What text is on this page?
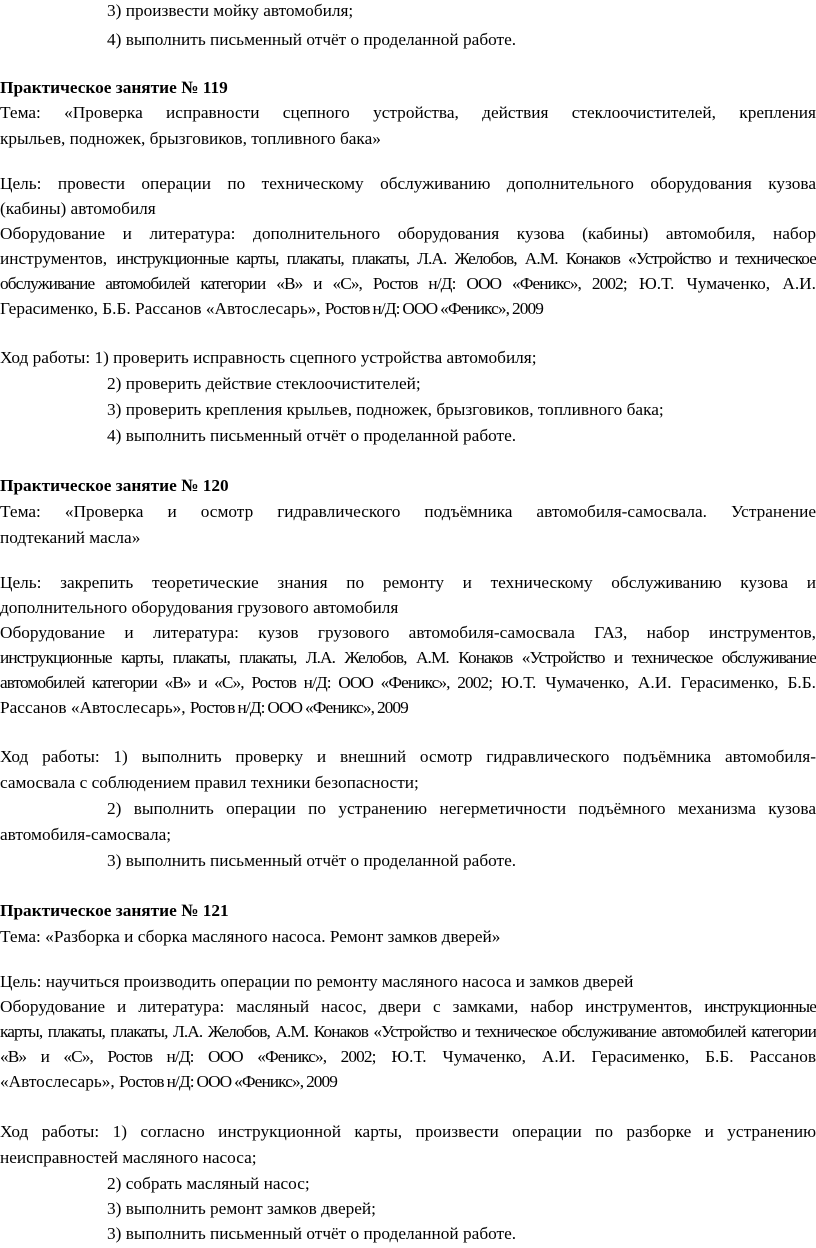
3) произвести мойку автомобиля;
4) выполнить письменный отчёт о проделанной работе.
Практическое занятие № 119
Тема: «Проверка исправности сцепного устройства, действия стеклоочистителей, крепления
крыльев, подножек, брызговиков, топливного бака»
Цель: провести операции по техническому обслуживанию дополнительного оборудования кузова
(кабины) автомобиля
Оборудование и литература: дополнительного оборудования кузова (кабины) автомобиля, набор
инструментов, инструкционные карты, плакаты, плакаты, Л.А. Желобов, А.М. Конаков «Устройство и техническое
обслуживание автомобилей категории «В» и «С», Ростов н/Д: ООО «Феникс», 2002; Ю.Т. Чумаченко, А.И.
Герасименко, Б.Б. Рассанов «Автослесарь», Ростов н/Д: ООО «Феникс», 2009
Ход работы: 1) проверить исправность сцепного устройства автомобиля;
2) проверить действие стеклоочистителей;
3) проверить крепления крыльев, подножек, брызговиков, топливного бака;
4) выполнить письменный отчёт о проделанной работе.
Практическое занятие № 120
Тема: «Проверка и осмотр гидравлического подъёмника автомобиля-самосвала. Устранение
подтеканий масла»
Цель: закрепить теоретические знания по ремонту и техническому обслуживанию кузова и
дополнительного оборудования грузового автомобиля
Оборудование и литература: кузов грузового автомобиля-самосвала ГАЗ, набор инструментов,
инструкционные карты, плакаты, плакаты, Л.А. Желобов, А.М. Конаков «Устройство и техническое обслуживание
автомобилей категории «В» и «С», Ростов н/Д: ООО «Феникс», 2002; Ю.Т. Чумаченко, А.И. Герасименко, Б.Б.
Рассанов «Автослесарь», Ростов н/Д: ООО «Феникс», 2009
Ход работы: 1) выполнить проверку и внешний осмотр гидравлического подъёмника автомобиля-
самосвала с соблюдением правил техники безопасности;
2) выполнить операции по устранению негерметичности подъёмного механизма кузова
автомобиля-самосвала;
3) выполнить письменный отчёт о проделанной работе.
Практическое занятие № 121
Тема: «Разборка и сборка масляного насоса. Ремонт замков дверей»
Цель: научиться производить операции по ремонту масляного насоса и замков дверей
Оборудование и литература: масляный насос, двери с замками, набор инструментов, инструкционные
карты, плакаты, плакаты, Л.А. Желобов, А.М. Конаков «Устройство и техническое обслуживание автомобилей категории
«В» и «С», Ростов н/Д: ООО «Феникс», 2002; Ю.Т. Чумаченко, А.И. Герасименко, Б.Б. Рассанов
«Автослесарь», Ростов н/Д: ООО «Феникс», 2009
Ход работы: 1) согласно инструкционной карты, произвести операции по разборке и устранению
неисправностей масляного насоса;
2) собрать масляный насос;
3) выполнить ремонт замков дверей;
3) выполнить письменный отчёт о проделанной работе.
